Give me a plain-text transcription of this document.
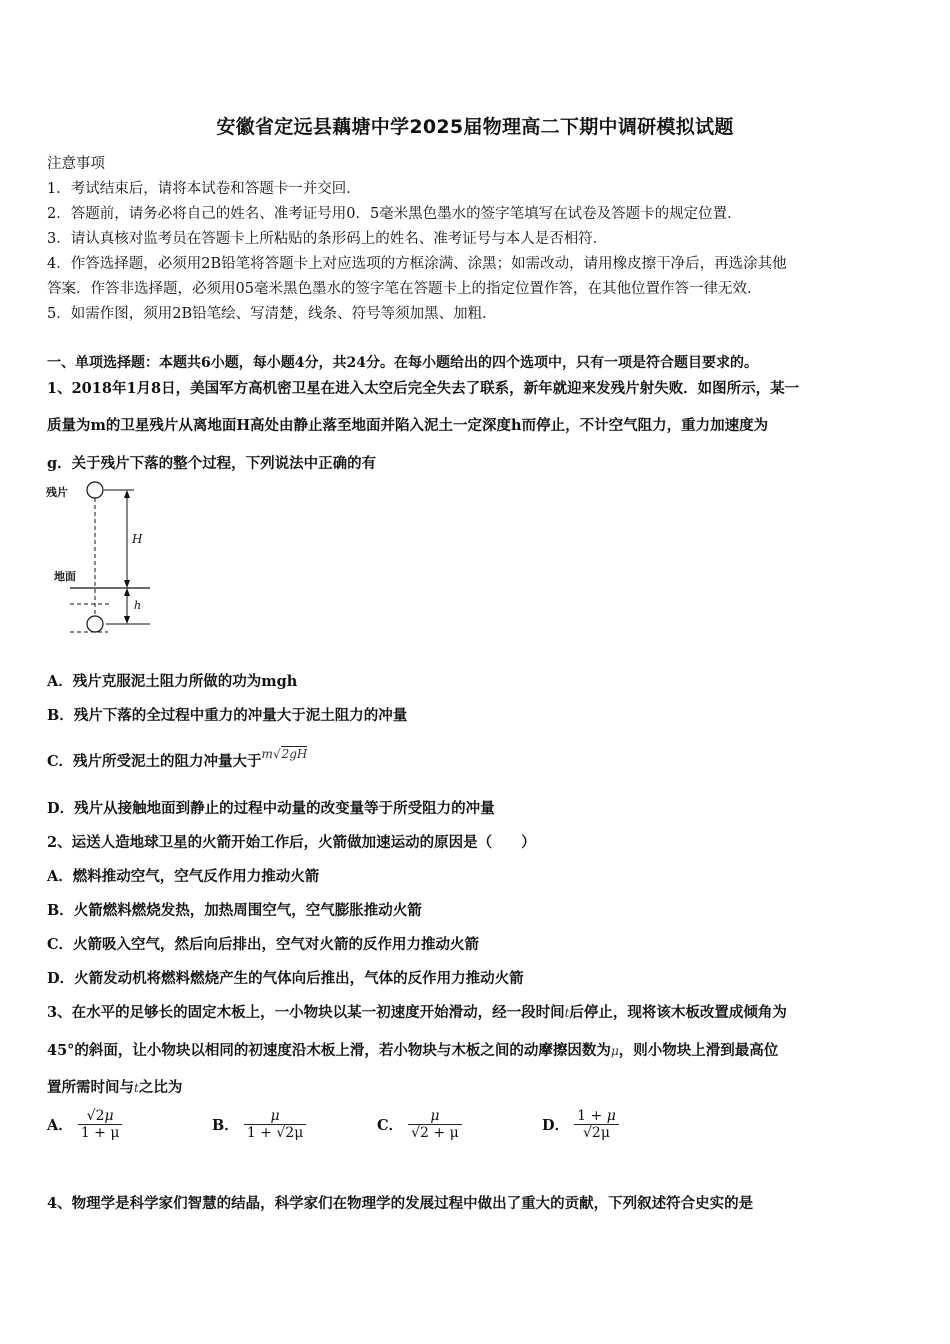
安徽省定远县藕塘中学2025届物理高二下期中调研模拟试题
注意事项
1．考试结束后，请将本试卷和答题卡一并交回．
2．答题前，请务必将自己的姓名、准考证号用0．5毫米黑色墨水的签字笔填写在试卷及答题卡的规定位置．
3．请认真核对监考员在答题卡上所粘贴的条形码上的姓名、准考证号与本人是否相符．
4．作答选择题，必须用2B铅笔将答题卡上对应选项的方框涂满、涂黑；如需改动，请用橡皮擦干净后，再选涂其他
答案．作答非选择题，必须用05毫米黑色墨水的签字笔在答题卡上的指定位置作答，在其他位置作答一律无效．
5．如需作图，须用2B铅笔绘、写清楚，线条、符号等须加黑、加粗．
一、单项选择题：本题共6小题，每小题4分，共24分。在每小题给出的四个选项中，只有一项是符合题目要求的。
1、2018年1月8日，美国军方高机密卫星在进入太空后完全失去了联系，新年就迎来发残片射失败．如图所示，某一
质量为m的卫星残片从离地面H高处由静止落至地面并陷入泥土一定深度h而停止，不计空气阻力，重力加速度为
g．关于残片下落的整个过程，下列说法中正确的有
残片
H
地面
h
A．残片克服泥土阻力所做的功为mgh
B．残片下落的全过程中重力的冲量大于泥土阻力的冲量
C．残片所受泥土的阻力冲量大于m√2gH
D．残片从接触地面到静止的过程中动量的改变量等于所受阻力的冲量
2、运送人造地球卫星的火箭开始工作后，火箭做加速运动的原因是（　　）
A．燃料推动空气，空气反作用力推动火箭
B．火箭燃料燃烧发热，加热周围空气，空气膨胀推动火箭
C．火箭吸入空气，然后向后排出，空气对火箭的反作用力推动火箭
D．火箭发动机将燃料燃烧产生的气体向后推出，气体的反作用力推动火箭
3、在水平的足够长的固定木板上，一小物块以某一初速度开始滑动，经一段时间t后停止，现将该木板改置成倾角为
45°的斜面，让小物块以相同的初速度沿木板上滑，若小物块与木板之间的动摩擦因数为μ，则小物块上滑到最高位
置所需时间与t之比为
A． $\frac{√2\mu}{1 + \mu}$	B． $\frac{\mu}{1 + √2\mu}$	C． $\frac{\mu}{√2 + \mu}$	D． $\frac{1 + \mu}{√2\mu}$
4、物理学是科学家们智慧的结晶，科学家们在物理学的发展过程中做出了重大的贡献，下列叙述符合史实的是
